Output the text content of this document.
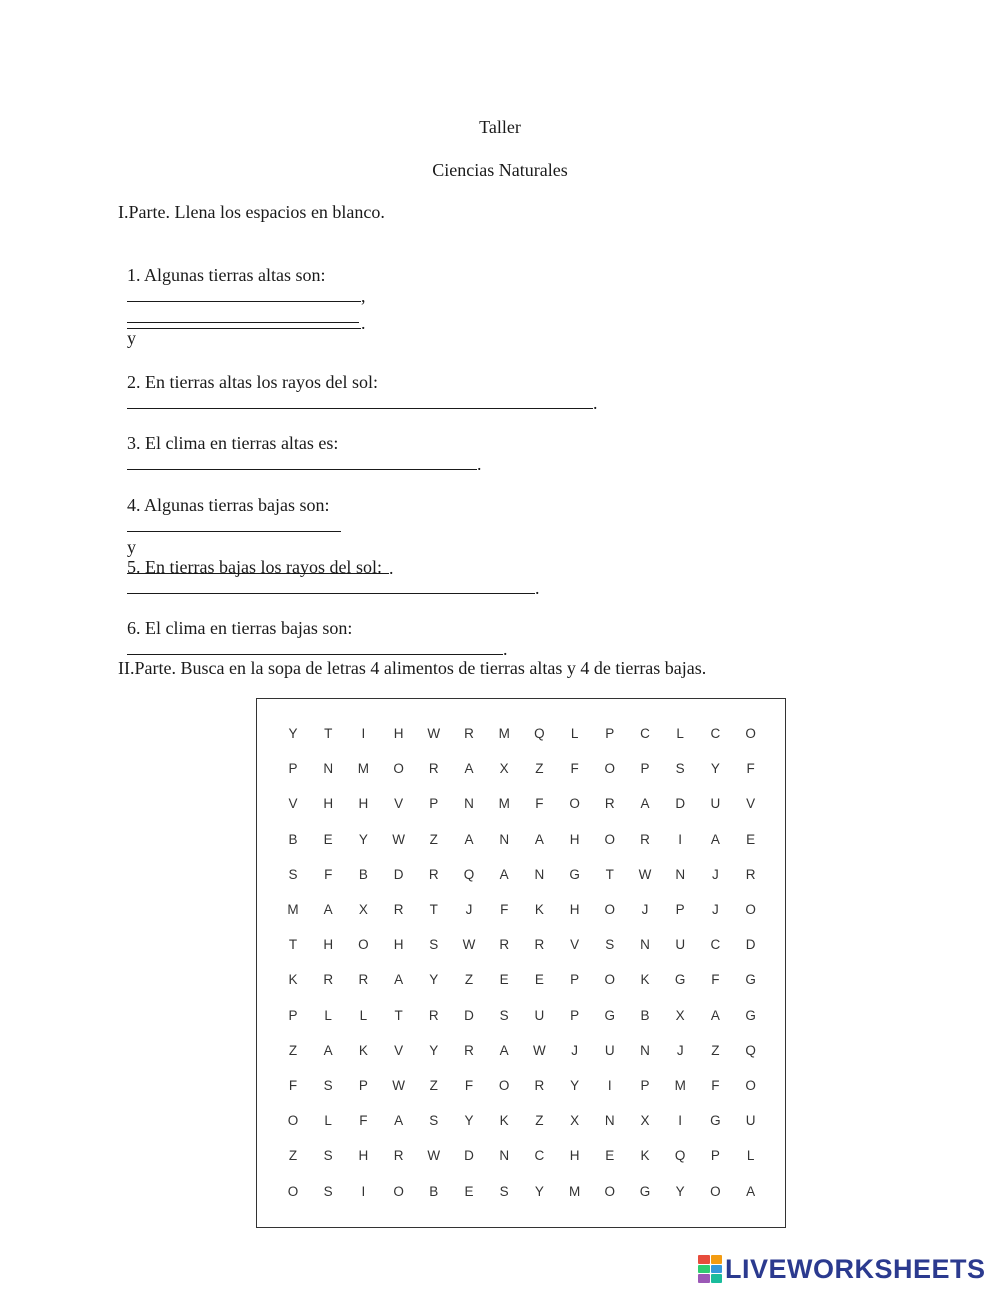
Taller
Ciencias Naturales
I.Parte. Llena los espacios en blanco.

1. Algunas tierras altas son:
,

y

.

2. En tierras altas los rayos del sol:
.

3. El clima en tierras altas es:
.

4. Algunas tierras bajas son:

y
.

5. En tierras bajas los rayos del sol:
.

6. El clima en tierras bajas son:
.

II.Parte. Busca en la sopa de letras 4 alimentos de tierras altas y 4 de tierras bajas.
Y	T	I	H	W	R	M	Q	L	P	C	L	C	O
P	N	M	O	R	A	X	Z	F	O	P	S	Y	F
V	H	H	V	P	N	M	F	O	R	A	D	U	V
B	E	Y	W	Z	A	N	A	H	O	R	I	A	E
S	F	B	D	R	Q	A	N	G	T	W	N	J	R
M	A	X	R	T	J	F	K	H	O	J	P	J	O
T	H	O	H	S	W	R	R	V	S	N	U	C	D
K	R	R	A	Y	Z	E	E	P	O	K	G	F	G
P	L	L	T	R	D	S	U	P	G	B	X	A	G
Z	A	K	V	Y	R	A	W	J	U	N	J	Z	Q
F	S	P	W	Z	F	O	R	Y	I	P	M	F	O
O	L	F	A	S	Y	K	Z	X	N	X	I	G	U
Z	S	H	R	W	D	N	C	H	E	K	Q	P	L
O	S	I	O	B	E	S	Y	M	O	G	Y	O	A
LIVEWORKSHEETS
